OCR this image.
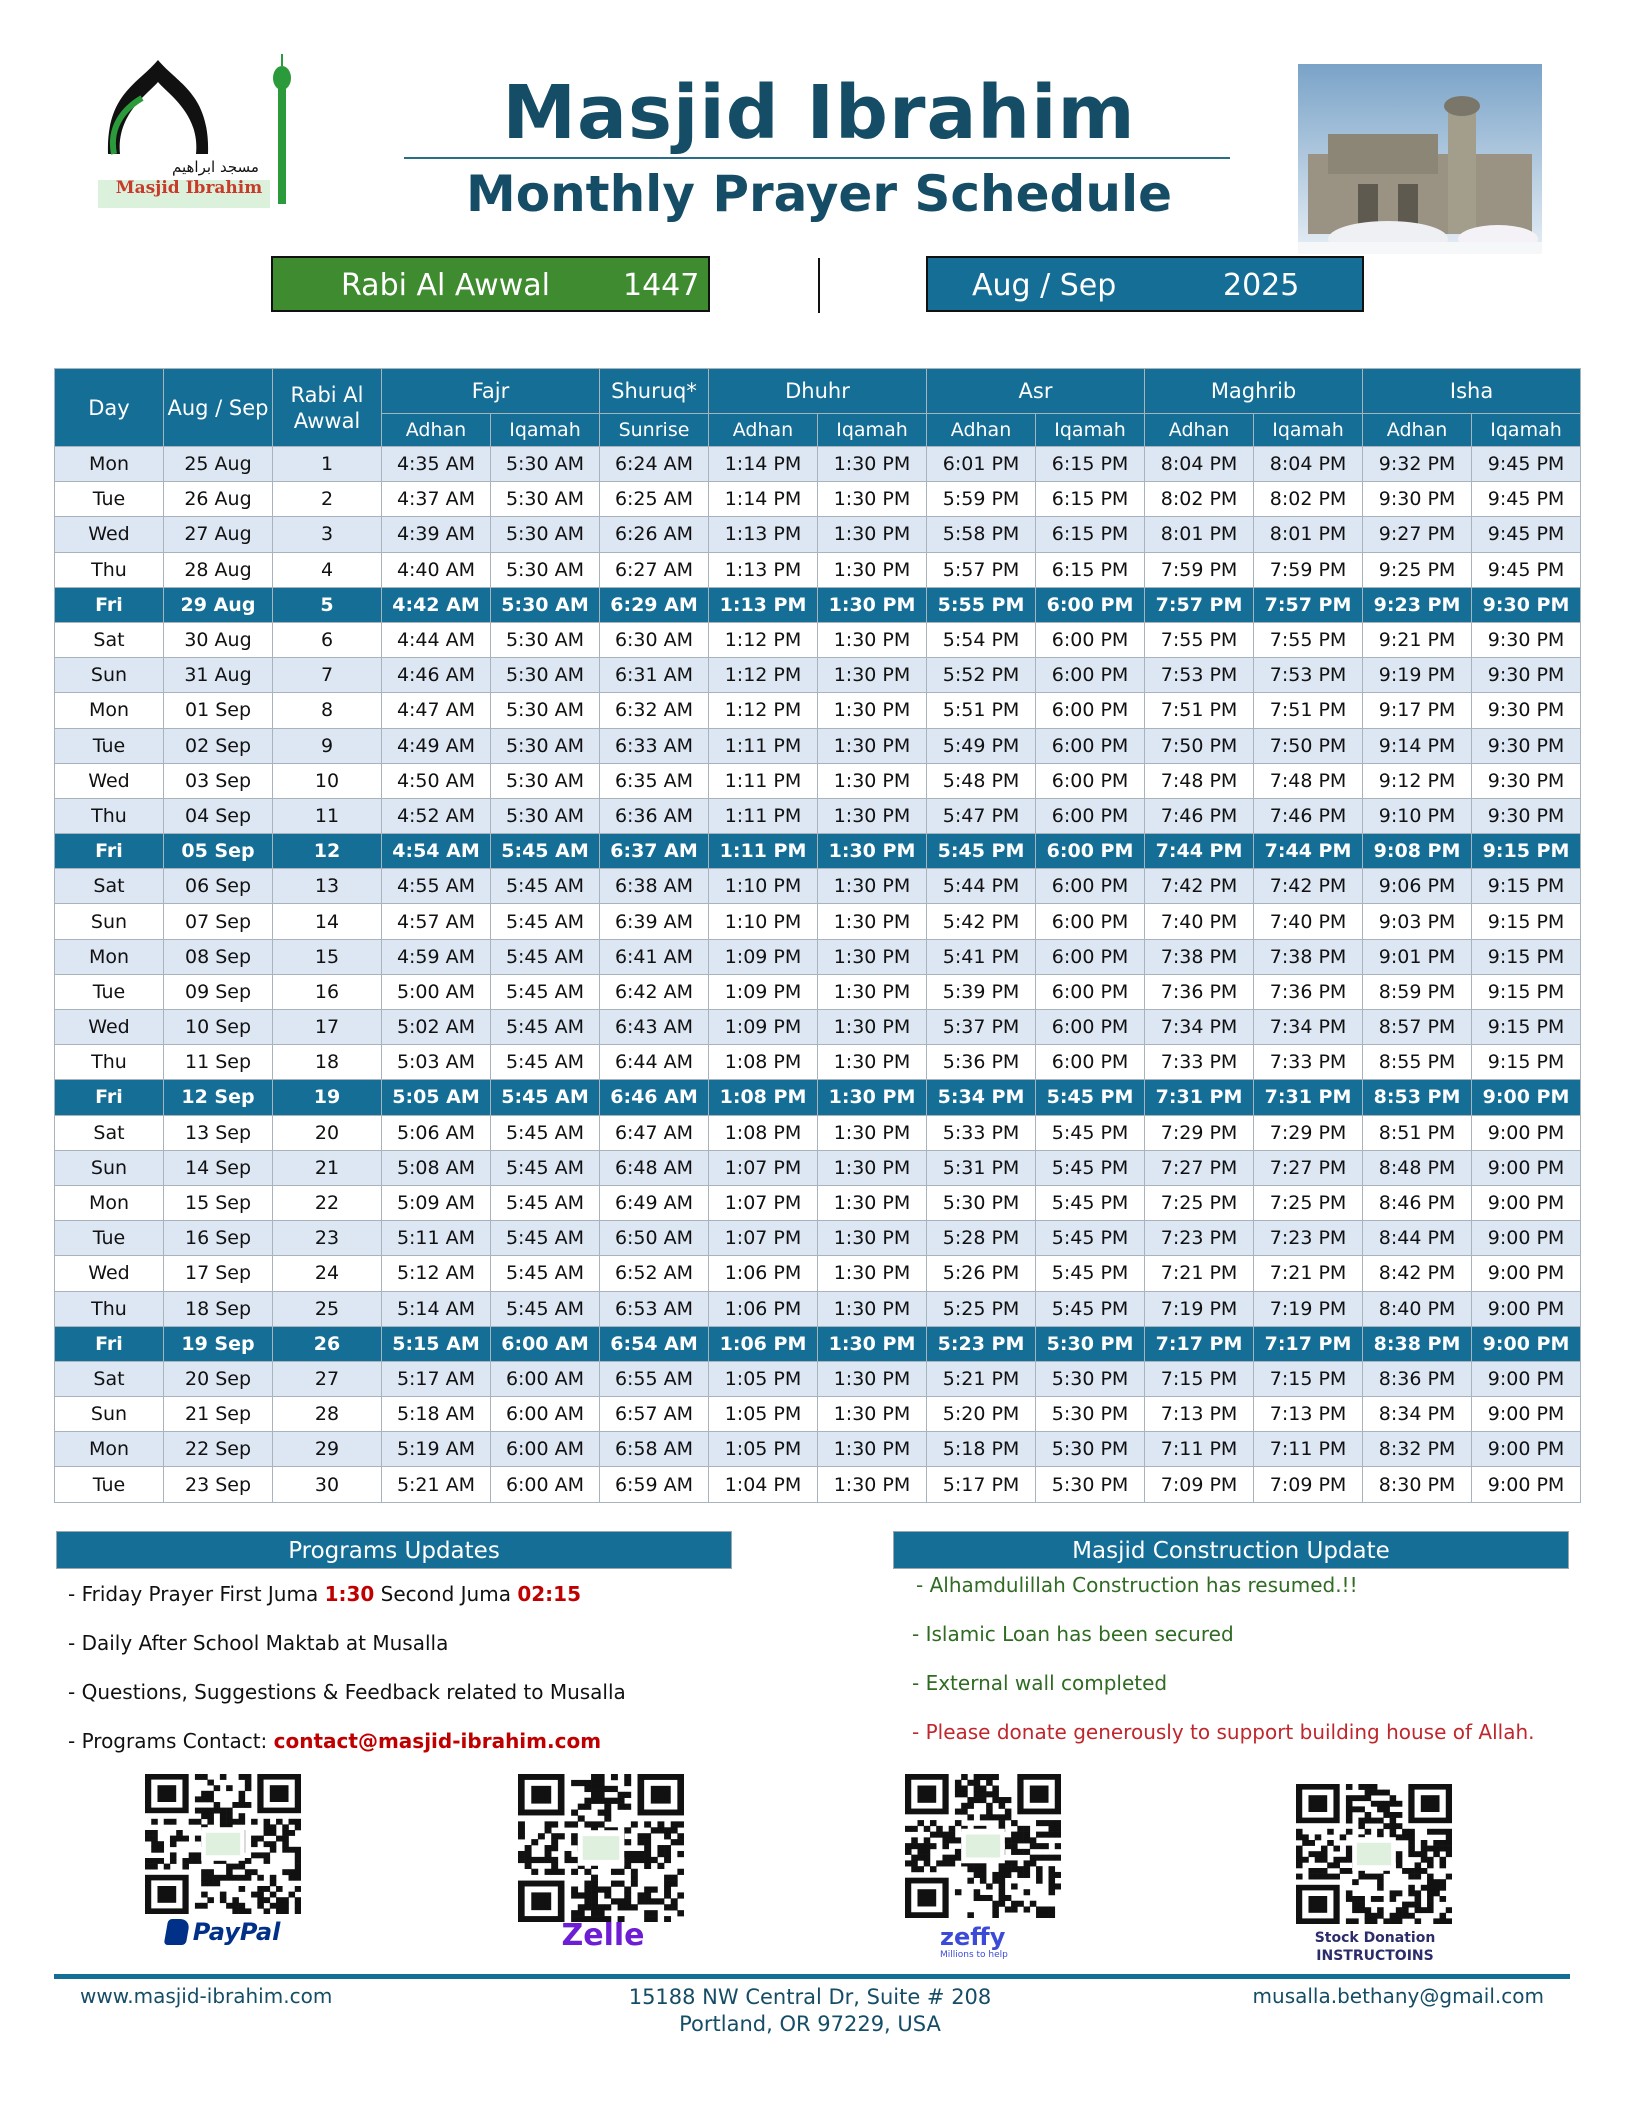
مسجد ابراهيم
Masjid Ibrahim
Masjid Ibrahim
Monthly Prayer Schedule
Rabi Al Awwal 1447	Aug / Sep	2025
Day	Aug / Sep	Rabi Al Awwal	Fajr		Shuruq*	Dhuhr		Asr		Maghrib		Isha	
			Adhan	Iqamah	Sunrise	Adhan	Iqamah	Adhan	Iqamah	Adhan	Iqamah	Adhan	Iqamah
Mon	25 Aug	1	4:35 AM	5:30 AM	6:24 AM	1:14 PM	1:30 PM	6:01 PM	6:15 PM	8:04 PM	8:04 PM	9:32 PM	9:45 PM
Tue	26 Aug	2	4:37 AM	5:30 AM	6:25 AM	1:14 PM	1:30 PM	5:59 PM	6:15 PM	8:02 PM	8:02 PM	9:30 PM	9:45 PM
Wed	27 Aug	3	4:39 AM	5:30 AM	6:26 AM	1:13 PM	1:30 PM	5:58 PM	6:15 PM	8:01 PM	8:01 PM	9:27 PM	9:45 PM
Thu	28 Aug	4	4:40 AM	5:30 AM	6:27 AM	1:13 PM	1:30 PM	5:57 PM	6:15 PM	7:59 PM	7:59 PM	9:25 PM	9:45 PM
Fri	29 Aug	5	4:42 AM	5:30 AM	6:29 AM	1:13 PM	1:30 PM	5:55 PM	6:00 PM	7:57 PM	7:57 PM	9:23 PM	9:30 PM
Sat	30 Aug	6	4:44 AM	5:30 AM	6:30 AM	1:12 PM	1:30 PM	5:54 PM	6:00 PM	7:55 PM	7:55 PM	9:21 PM	9:30 PM
Sun	31 Aug	7	4:46 AM	5:30 AM	6:31 AM	1:12 PM	1:30 PM	5:52 PM	6:00 PM	7:53 PM	7:53 PM	9:19 PM	9:30 PM
Mon	01 Sep	8	4:47 AM	5:30 AM	6:32 AM	1:12 PM	1:30 PM	5:51 PM	6:00 PM	7:51 PM	7:51 PM	9:17 PM	9:30 PM
Tue	02 Sep	9	4:49 AM	5:30 AM	6:33 AM	1:11 PM	1:30 PM	5:49 PM	6:00 PM	7:50 PM	7:50 PM	9:14 PM	9:30 PM
Wed	03 Sep	10	4:50 AM	5:30 AM	6:35 AM	1:11 PM	1:30 PM	5:48 PM	6:00 PM	7:48 PM	7:48 PM	9:12 PM	9:30 PM
Thu	04 Sep	11	4:52 AM	5:30 AM	6:36 AM	1:11 PM	1:30 PM	5:47 PM	6:00 PM	7:46 PM	7:46 PM	9:10 PM	9:30 PM
Fri	05 Sep	12	4:54 AM	5:45 AM	6:37 AM	1:11 PM	1:30 PM	5:45 PM	6:00 PM	7:44 PM	7:44 PM	9:08 PM	9:15 PM
Sat	06 Sep	13	4:55 AM	5:45 AM	6:38 AM	1:10 PM	1:30 PM	5:44 PM	6:00 PM	7:42 PM	7:42 PM	9:06 PM	9:15 PM
Sun	07 Sep	14	4:57 AM	5:45 AM	6:39 AM	1:10 PM	1:30 PM	5:42 PM	6:00 PM	7:40 PM	7:40 PM	9:03 PM	9:15 PM
Mon	08 Sep	15	4:59 AM	5:45 AM	6:41 AM	1:09 PM	1:30 PM	5:41 PM	6:00 PM	7:38 PM	7:38 PM	9:01 PM	9:15 PM
Tue	09 Sep	16	5:00 AM	5:45 AM	6:42 AM	1:09 PM	1:30 PM	5:39 PM	6:00 PM	7:36 PM	7:36 PM	8:59 PM	9:15 PM
Wed	10 Sep	17	5:02 AM	5:45 AM	6:43 AM	1:09 PM	1:30 PM	5:37 PM	6:00 PM	7:34 PM	7:34 PM	8:57 PM	9:15 PM
Thu	11 Sep	18	5:03 AM	5:45 AM	6:44 AM	1:08 PM	1:30 PM	5:36 PM	6:00 PM	7:33 PM	7:33 PM	8:55 PM	9:15 PM
Fri	12 Sep	19	5:05 AM	5:45 AM	6:46 AM	1:08 PM	1:30 PM	5:34 PM	5:45 PM	7:31 PM	7:31 PM	8:53 PM	9:00 PM
Sat	13 Sep	20	5:06 AM	5:45 AM	6:47 AM	1:08 PM	1:30 PM	5:33 PM	5:45 PM	7:29 PM	7:29 PM	8:51 PM	9:00 PM
Sun	14 Sep	21	5:08 AM	5:45 AM	6:48 AM	1:07 PM	1:30 PM	5:31 PM	5:45 PM	7:27 PM	7:27 PM	8:48 PM	9:00 PM
Mon	15 Sep	22	5:09 AM	5:45 AM	6:49 AM	1:07 PM	1:30 PM	5:30 PM	5:45 PM	7:25 PM	7:25 PM	8:46 PM	9:00 PM
Tue	16 Sep	23	5:11 AM	5:45 AM	6:50 AM	1:07 PM	1:30 PM	5:28 PM	5:45 PM	7:23 PM	7:23 PM	8:44 PM	9:00 PM
Wed	17 Sep	24	5:12 AM	5:45 AM	6:52 AM	1:06 PM	1:30 PM	5:26 PM	5:45 PM	7:21 PM	7:21 PM	8:42 PM	9:00 PM
Thu	18 Sep	25	5:14 AM	5:45 AM	6:53 AM	1:06 PM	1:30 PM	5:25 PM	5:45 PM	7:19 PM	7:19 PM	8:40 PM	9:00 PM
Fri	19 Sep	26	5:15 AM	6:00 AM	6:54 AM	1:06 PM	1:30 PM	5:23 PM	5:30 PM	7:17 PM	7:17 PM	8:38 PM	9:00 PM
Sat	20 Sep	27	5:17 AM	6:00 AM	6:55 AM	1:05 PM	1:30 PM	5:21 PM	5:30 PM	7:15 PM	7:15 PM	8:36 PM	9:00 PM
Sun	21 Sep	28	5:18 AM	6:00 AM	6:57 AM	1:05 PM	1:30 PM	5:20 PM	5:30 PM	7:13 PM	7:13 PM	8:34 PM	9:00 PM
Mon	22 Sep	29	5:19 AM	6:00 AM	6:58 AM	1:05 PM	1:30 PM	5:18 PM	5:30 PM	7:11 PM	7:11 PM	8:32 PM	9:00 PM
Tue	23 Sep	30	5:21 AM	6:00 AM	6:59 AM	1:04 PM	1:30 PM	5:17 PM	5:30 PM	7:09 PM	7:09 PM	8:30 PM	9:00 PM
Programs Updates
- Friday Prayer First Juma 1:30 Second Juma 02:15
- Daily After School Maktab at Musalla
- Questions, Suggestions & Feedback related to Musalla
- Programs Contact: contact@masjid-ibrahim.com
Masjid Construction Update
- Alhamdulillah Construction has resumed.!!
- Islamic Loan has been secured
- External wall completed
- Please donate generously to support building house of Allah.
PayPal	Zelle	zeffy
Millions to help
Stock Donation
INSTRUCTOINS
www.masjid-ibrahim.com	15188 NW Central Dr, Suite # 208
Portland, OR 97229, USA
musalla.bethany@gmail.com
